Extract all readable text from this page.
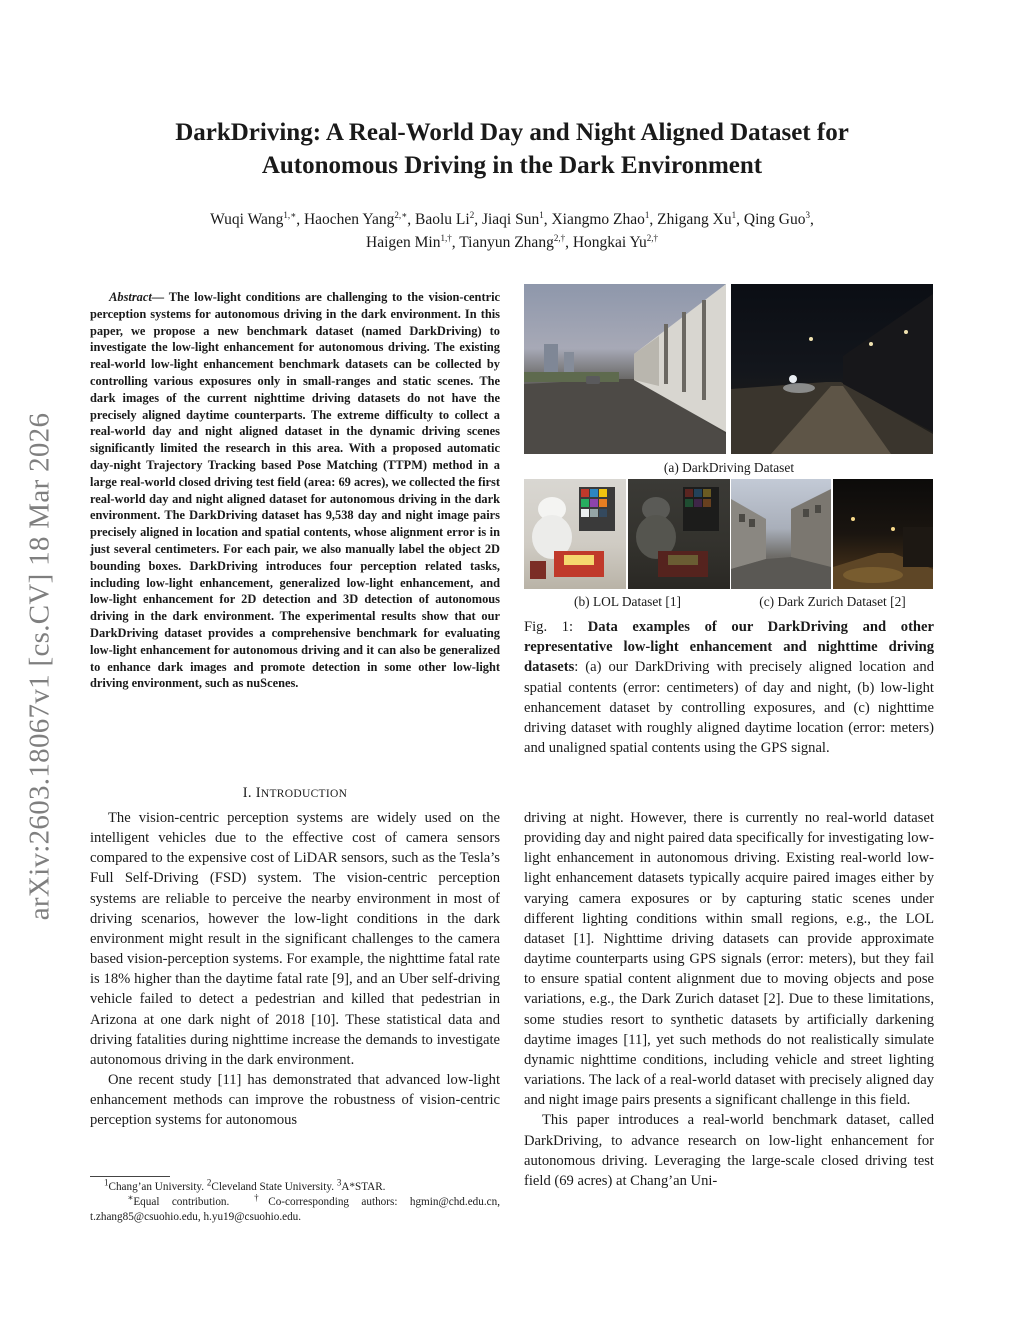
arXiv:2603.18067v1 [cs.CV] 18 Mar 2026
DarkDriving: A Real-World Day and Night Aligned Dataset for
Autonomous Driving in the Dark Environment
Wuqi Wang$^{1,∗}$, Haochen Yang$^{2,∗}$, Baolu Li$^2$, Jiaqi Sun$^1$, Xiangmo Zhao$^1$, Zhigang Xu$^1$, Qing Guo$^3$,
Haigen Min$^{1,\dagger}$, Tianyun Zhang$^{2,\dagger}$, Hongkai $Yu^{2,\dagger}$
Abstract— The low-light conditions are challenging to the vision-centric perception systems for autonomous driving in the dark environment. In this paper, we propose a new benchmark dataset (named DarkDriving) to investigate the low-light enhancement for autonomous driving. The existing real-world low-light enhancement benchmark datasets can be collected by controlling various exposures only in small-ranges and static scenes. The dark images of the current nighttime driving datasets do not have the precisely aligned daytime counterparts. The extreme difficulty to collect a real-world day and night aligned dataset in the dynamic driving scenes significantly limited the research in this area. With a proposed automatic day-night Trajectory Tracking based Pose Matching (TTPM) method in a large real-world closed driving test field (area: 69 acres), we collected the first real-world day and night aligned dataset for autonomous driving in the dark environment. The DarkDriving dataset has 9,538 day and night image pairs precisely aligned in location and spatial contents, whose alignment error is in just several centimeters. For each pair, we also manually label the object 2D bounding boxes. DarkDriving introduces four perception related tasks, including low-light enhancement, generalized low-light enhancement, and low-light enhancement for 2D detection and 3D detection of autonomous driving in the dark environment. The experimental results show that our DarkDriving dataset provides a comprehensive benchmark for evaluating low-light enhancement for autonomous driving and it can also be generalized to enhance dark images and promote detection in some other low-light driving environment, such as nuScenes.
I. INTRODUCTION

The vision-centric perception systems are widely used on the intelligent vehicles due to the effective cost of camera sensors compared to the expensive cost of LiDAR sensors, such as the Tesla’s Full Self-Driving (FSD) system. The vision-centric perception systems are reliable to perceive the nearby environment in most of driving scenarios, however the low-light conditions in the dark environment might result in the significant challenges to the camera based vision-perception systems. For example, the nighttime fatal rate is 18% higher than the daytime fatal rate [9], and an Uber self-driving vehicle failed to detect a pedestrian and killed that pedestrian in Arizona at one dark night of 2018 [10]. These statistical data and driving fatalities during nighttime increase the demands to investigate autonomous driving in the dark environment.

One recent study [11] has demonstrated that advanced low-light enhancement methods can improve the robustness of vision-centric perception systems for autonomous

$^1$Chang’an University. $^2$Cleveland State University. $^3$A*STAR.
∗Equal contribution.	†Co-corresponding authors: hgmin@chd.edu.cn, t.zhang85@csuohio.edu, h.yu19@csuohio.edu.
(a) DarkDriving Dataset
(b) LOL Dataset [1]	(c) Dark Zurich Dataset [2]
Fig. 1: Data examples of our DarkDriving and other representative low-light enhancement and nighttime driving datasets: (a) our DarkDriving with precisely aligned location and spatial contents (error: centimeters) of day and night, (b) low-light enhancement dataset by controlling exposures, and (c) nighttime driving dataset with roughly aligned daytime location (error: meters) and unaligned spatial contents using the GPS signal.

driving at night. However, there is currently no real-world dataset providing day and night paired data specifically for investigating low-light enhancement in autonomous driving. Existing real-world low-light enhancement datasets typically acquire paired images either by varying camera exposures or by capturing static scenes under different lighting conditions within small regions, e.g., the LOL dataset [1]. Nighttime driving datasets can provide approximate daytime counterparts using GPS signals (error: meters), but they fail to ensure spatial content alignment due to moving objects and pose variations, e.g., the Dark Zurich dataset [2]. Due to these limitations, some studies resort to synthetic datasets by artificially darkening daytime images [11], yet such methods do not realistically simulate dynamic nighttime conditions, including vehicle and street lighting variations. The lack of a real-world dataset with precisely aligned day and night image pairs presents a significant challenge in this field.

This paper introduces a real-world benchmark dataset, called DarkDriving, to advance research on low-light enhancement for autonomous driving. Leveraging the large-scale closed driving test field (69 acres) at Chang’an Uni-
